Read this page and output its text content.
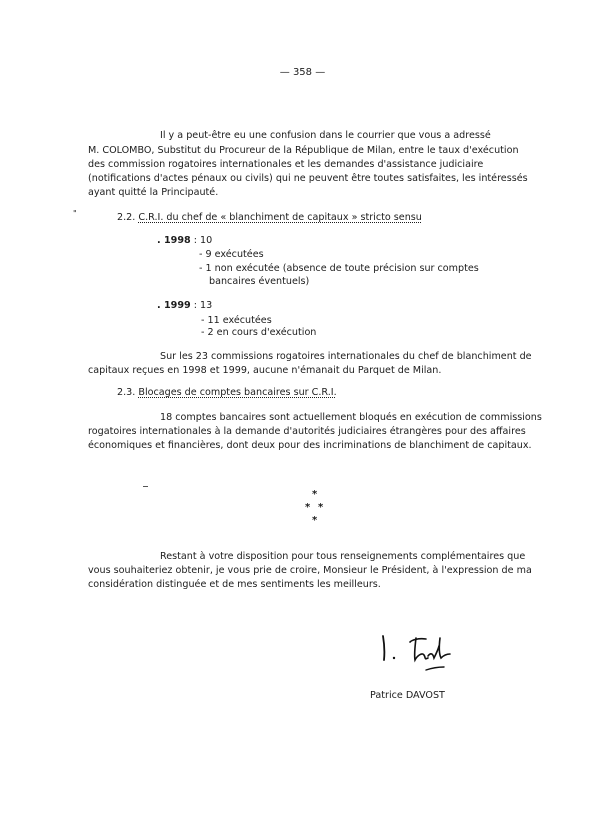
— 358 —
Il y a peut-être eu une confusion dans le courrier que vous a adressé
M. COLOMBO, Substitut du Procureur de la République de Milan, entre le taux d'exécution
des commission rogatoires internationales et les demandes d'assistance judiciaire
(notifications d'actes pénaux ou civils) qui ne peuvent être toutes satisfaites, les intéressés
ayant quitté la Principauté.
"	2.2. C.R.I. du chef de « blanchiment de capitaux » stricto sensu
. 1998 : 10
- 9 exécutées
- 1 non exécutée (absence de toute précision sur comptes
bancaires éventuels)
. 1999 : 13
- 11 exécutées
- 2 en cours d'exécution
Sur les 23 commissions rogatoires internationales du chef de blanchiment de
capitaux reçues en 1998 et 1999, aucune n'émanait du Parquet de Milan.
2.3. Blocages de comptes bancaires sur C.R.I.
18 comptes bancaires sont actuellement bloqués en exécution de commissions
rogatoires internationales à la demande d'autorités judiciaires étrangères pour des affaires
économiques et financières, dont deux pour des incriminations de blanchiment de capitaux.
*
* *
*
Restant à votre disposition pour tous renseignements complémentaires que
vous souhaiteriez obtenir, je vous prie de croire, Monsieur le Président, à l'expression de ma
considération distinguée et de mes sentiments les meilleurs.
Patrice DAVOST
